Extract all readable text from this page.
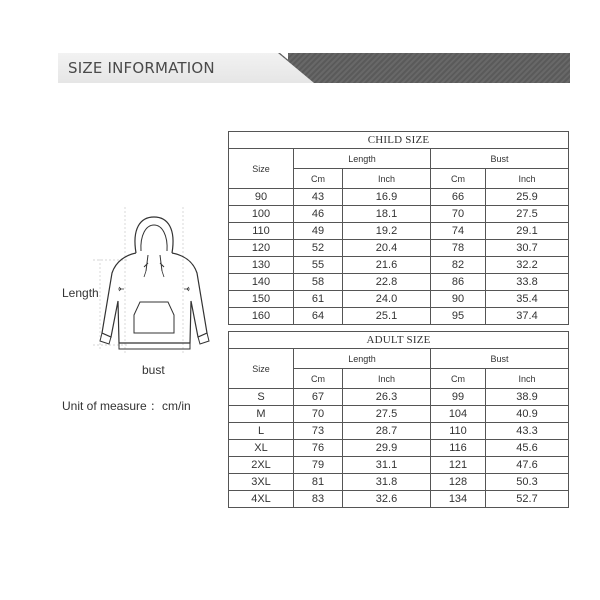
SIZE INFORMATION
Length
bust
Unit of measure ：cm/in
CHILD SIZE				
Size	Length		Bust	
	Cm	Inch	Cm	Inch
90	43	16.9	66	25.9
100	46	18.1	70	27.5
110	49	19.2	74	29.1
120	52	20.4	78	30.7
130	55	21.6	82	32.2
140	58	22.8	86	33.8
150	61	24.0	90	35.4
160	64	25.1	95	37.4
ADULT SIZE				
Size	Length		Bust	
	Cm	Inch	Cm	Inch
S	67	26.3	99	38.9
M	70	27.5	104	40.9
L	73	28.7	110	43.3
XL	76	29.9	116	45.6
2XL	79	31.1	121	47.6
3XL	81	31.8	128	50.3
4XL	83	32.6	134	52.7
